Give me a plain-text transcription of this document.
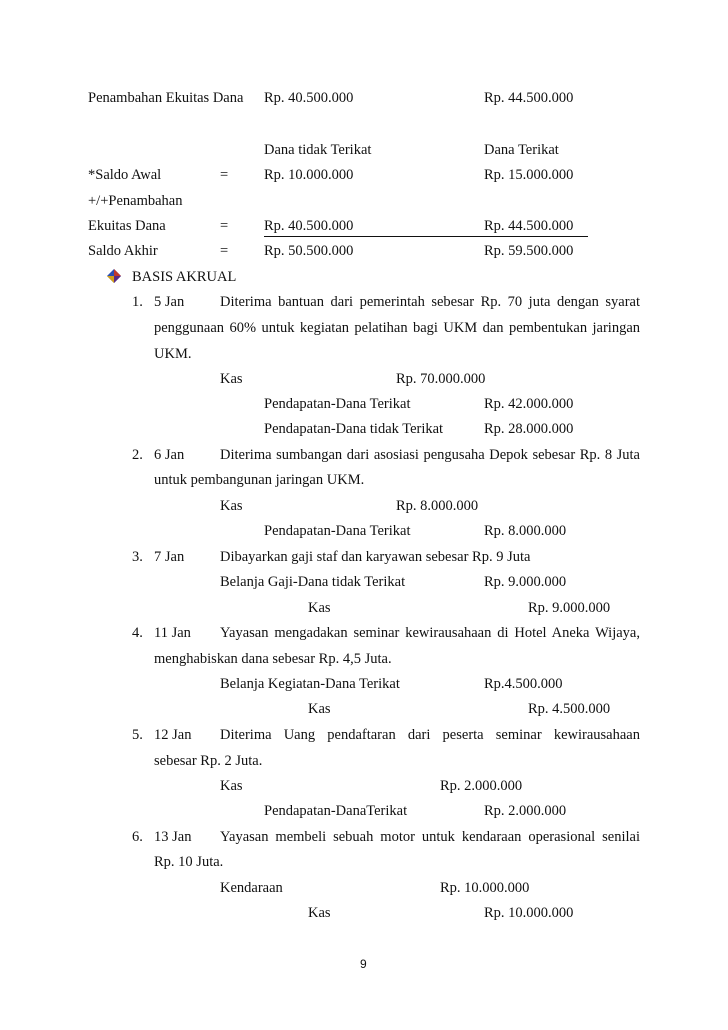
Penambahan Ekuitas Dana Rp. 40.500.000	Rp. 44.500.000
Dana tidak Terikat	Dana Terikat
*Saldo Awal	= Rp. 10.000.000	Rp. 15.000.000
+/+Penambahan
Ekuitas Dana	= Rp. 40.500.000	Rp. 44.500.000
Saldo Akhir	= Rp. 50.500.000	Rp. 59.500.000
BASIS AKRUAL
1. 5 Jan Diterima bantuan dari pemerintah sebesar Rp. 70 juta dengan syarat
penggunaan 60% untuk kegiatan pelatihan bagi UKM dan pembentukan jaringan
UKM.
Kas	Rp. 70.000.000
Pendapatan-Dana Terikat	Rp. 42.000.000
Pendapatan-Dana tidak Terikat	Rp. 28.000.000
2. 6 Jan Diterima sumbangan dari asosiasi pengusaha Depok sebesar Rp. 8 Juta
untuk pembangunan jaringan UKM.
Kas	Rp. 8.000.000
Pendapatan-Dana Terikat	Rp. 8.000.000
3. 7 Jan Dibayarkan gaji staf dan karyawan sebesar Rp. 9 Juta
Belanja Gaji-Dana tidak Terikat	Rp. 9.000.000
Kas	Rp. 9.000.000
4. 11 Jan Yayasan mengadakan seminar kewirausahaan di Hotel Aneka Wijaya,
menghabiskan dana sebesar Rp. 4,5 Juta.
Belanja Kegiatan-Dana Terikat	Rp.4.500.000
Kas	Rp. 4.500.000
5. 12 Jan Diterima Uang pendaftaran dari peserta seminar kewirausahaan
sebesar Rp. 2 Juta.
Kas	Rp. 2.000.000
Pendapatan-DanaTerikat	Rp. 2.000.000
6. 13 Jan Yayasan membeli sebuah motor untuk kendaraan operasional senilai
Rp. 10 Juta.
Kendaraan	Rp. 10.000.000
Kas	Rp. 10.000.000
9
